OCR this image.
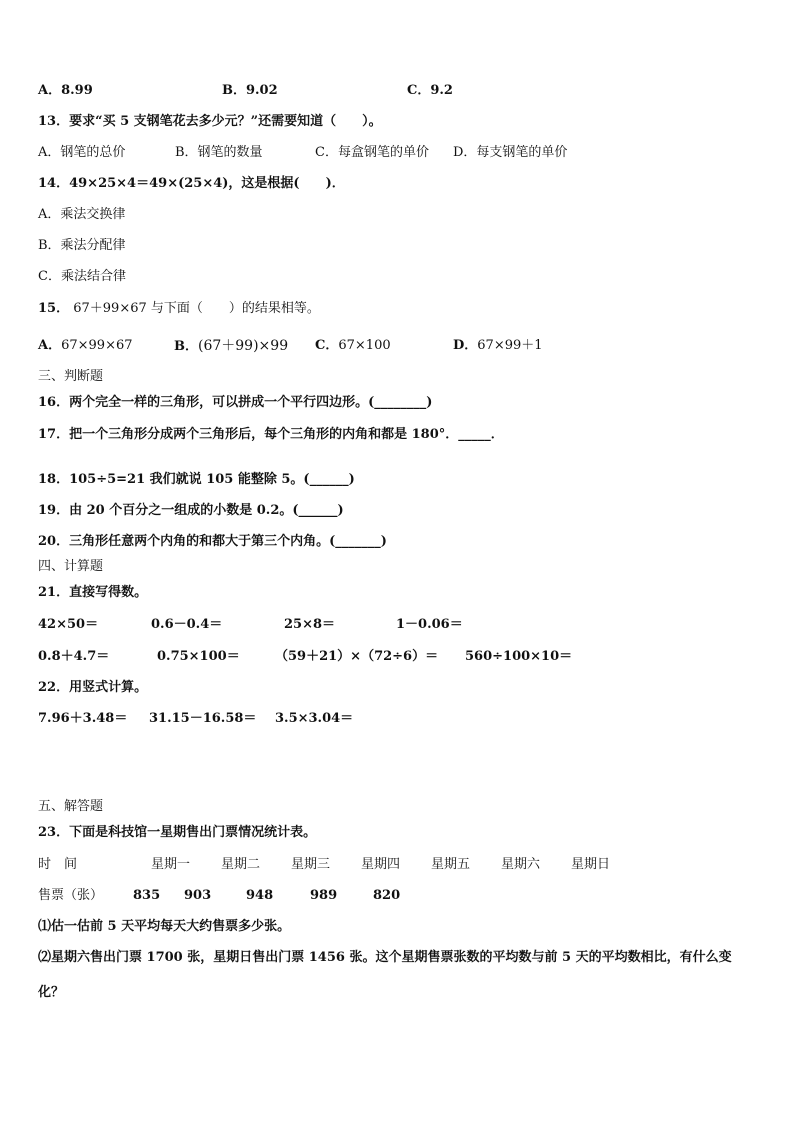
A．8.99	B．9.02	C．9.2
13．要求“买 5 支钢笔花去多少元？”还需要知道（　　）。
A．钢笔的总价	B．钢笔的数量	C．每盒钢笔的单价 D．每支钢笔的单价
14．49×25×4＝49×(25×4)，这是根据(　　)．
A．乘法交换律
B．乘法分配律
C．乘法结合律
15． 67＋99×67 与下面（　　）的结果相等。
A．67×99×67	B．(67＋99)×99 C．67×100	D．67×99＋1
三、判断题
16．两个完全一样的三角形，可以拼成一个平行四边形。(________)
17．把一个三角形分成两个三角形后，每个三角形的内角和都是 180°．_____．
18．105÷5=21 我们就说 105 能整除 5。(______)
19．由 20 个百分之一组成的小数是 0.2。(______)
20．三角形任意两个内角的和都大于第三个内角。(_______)
四、计算题
21．直接写得数。
42×50＝	0.6－0.4＝	25×8＝	1－0.06＝
0.8＋4.7＝	0.75×100＝	（59＋21）×（72÷6）＝ 560÷100×10＝
22．用竖式计算。
7.96＋3.48＝ 31.15－16.58＝ 3.5×3.04＝
五、解答题
23．下面是科技馆一星期售出门票情况统计表。
时　间	星期一 星期二 星期三 星期四 星期五 星期六 星期日
售票（张） 835 903	948	989	820
⑴估一估前 5 天平均每天大约售票多少张。
⑵星期六售出门票 1700 张，星期日售出门票 1456 张。这个星期售票张数的平均数与前 5 天的平均数相比，有什么变
化？
